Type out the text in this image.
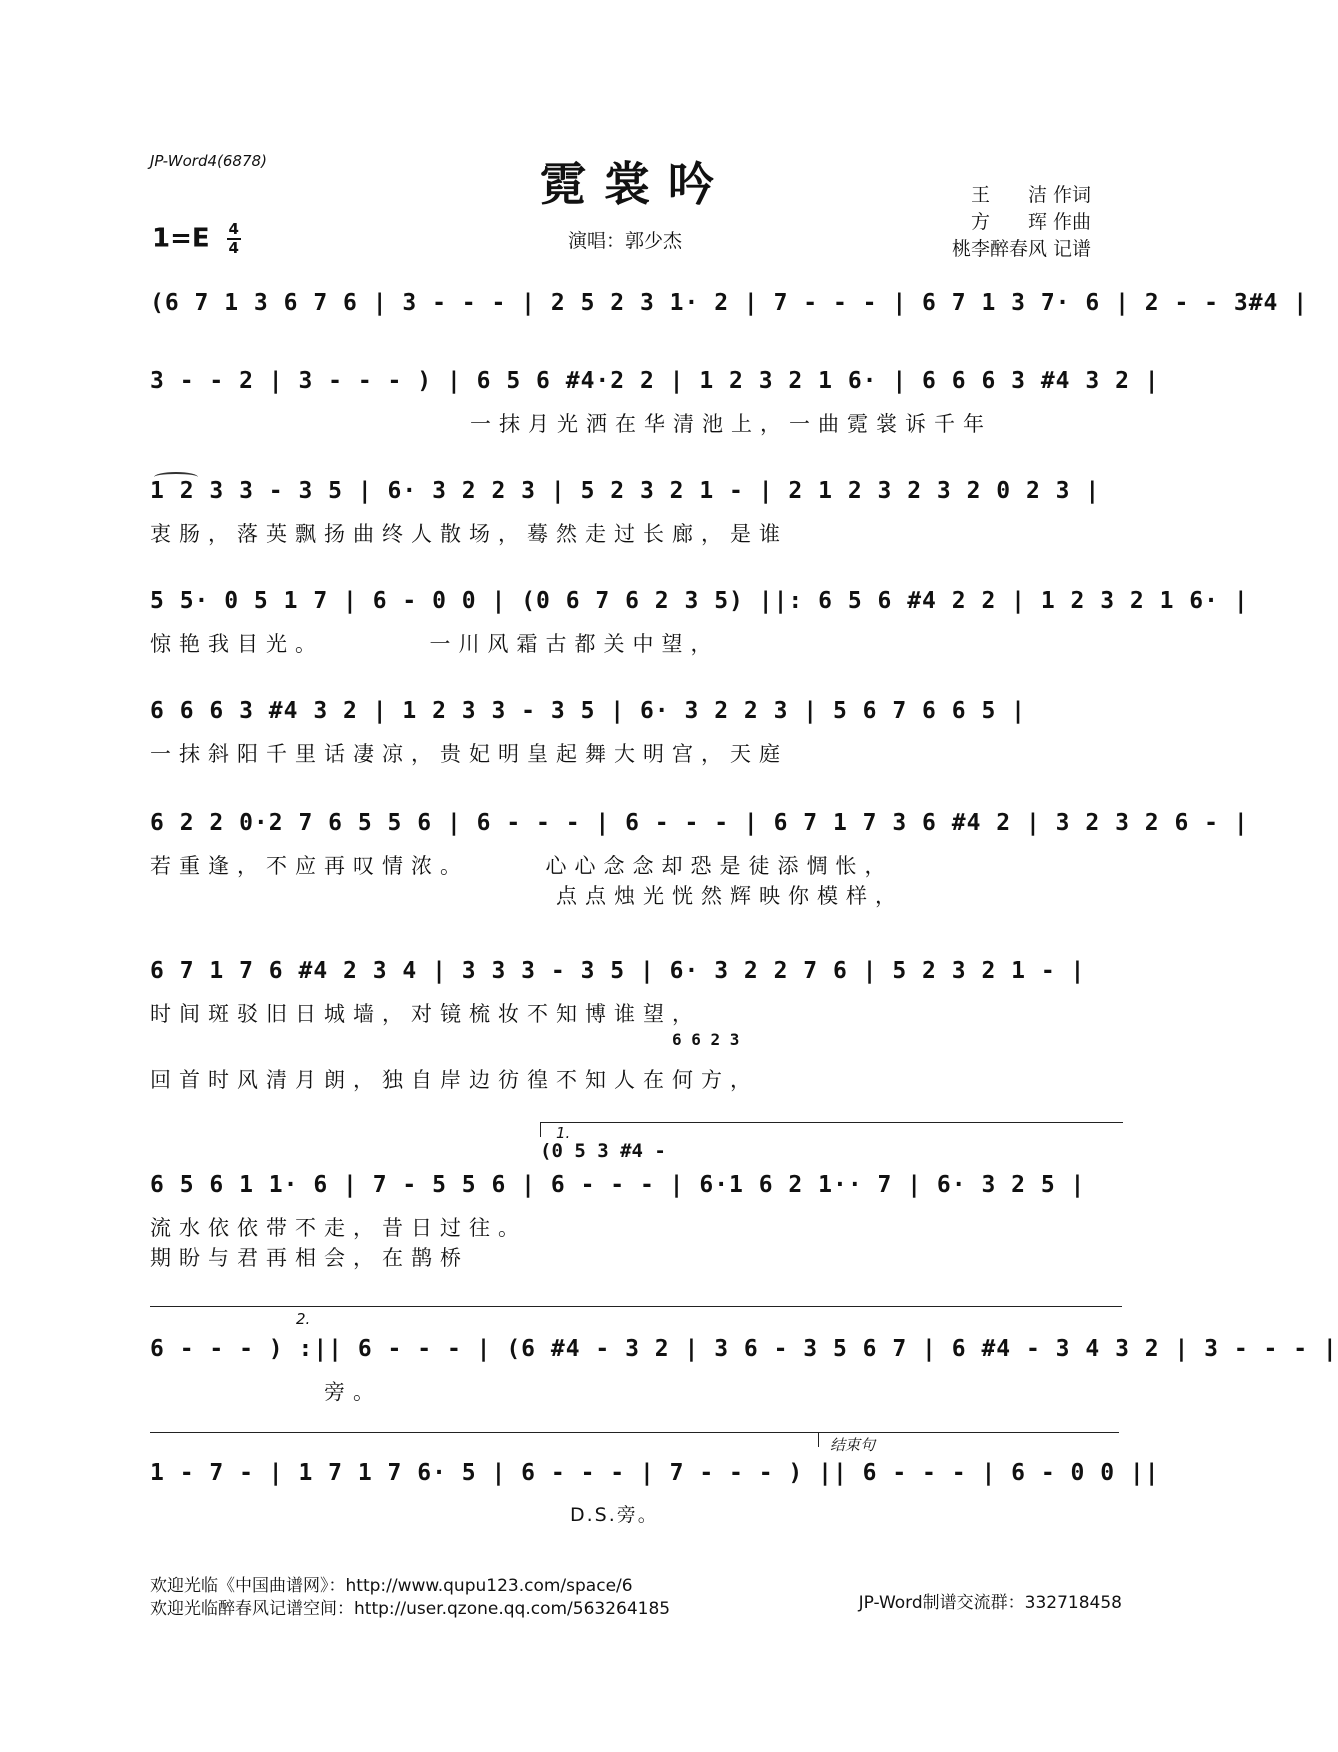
JP-Word4(6878)	霓裳吟
$1=E \frac{4}{4}$	演唱：郭少杰
王　　洁 作词
方　　珲 作曲
桃李醉春风 记谱
(6 7 1 3 6 7 6 | 3 - - - | 2 5 2 3 1· 2 | 7 - - - | 6 7 1 3 7· 6 | 2 - - 3#4 |
3 - - 2 | 3 - - - ) | 6 5 6 #4·2 2 | 1 2 3 2 1 6· | 6 6 6 3 #4 3 2 |
一抹月光洒在华清池上，一曲霓裳诉千年
1 2 3 3 - 3 5 | 6· 3 2 2 3 | 5 2 3 2 1 - | 2 1 2 3 2 3 2 0 2 3 |
衷肠，落英飘扬曲终人散场，蓦然走过长廊，是谁
5 5· 0 5 1 7 | 6 - 0 0 | (0 6 7 6 2 3 5) ||: 6 5 6 #4 2 2 | 1 2 3 2 1 6· |
惊艳我目光。　　　　一川风霜古都关中望，
6 6 6 3 #4 3 2 | 1 2 3 3 - 3 5 | 6· 3 2 2 3 | 5 6 7 6 6 5 |
一抹斜阳千里话凄凉，贵妃明皇起舞大明宫，天庭
6 2 2 0·2 7 6 5 5 6 | 6 - - - | 6 - - - | 6 7 1 7 3 6 #4 2 | 3 2 3 2 6 - |
若重逢，不应再叹情浓。　　　心心念念却恐是徒添惆怅，
　　　　　　　　　　　　　　点点烛光恍然辉映你模样，
6 7 1 7 6 #4 2 3 4 | 3 3 3 - 3 5 | 6· 3 2 2 7 6 | 5 2 3 2 1 - |
时间斑驳旧日城墙，对镜梳妆不知博谁望，
6 6 2 3
回首时风清月朗，独自岸边彷徨不知人在何方，
1.
(0 5 3 #4 -
6 5 6 1 1· 6 | 7 - 5 5 6 | 6 - - - | 6·1 6 2 1·· 7 | 6· 3 2 5 |
流水依依带不走，昔日过往。
期盼与君再相会，在鹊桥
2.
6 - - - ) :|| 6 - - - | (6 #4 - 3 2 | 3 6 - 3 5 6 7 | 6 #4 - 3 4 3 2 | 3 - - - |
　　　　　　旁。
结束句
1 - 7 - | 1 7 1 7 6· 5 | 6 - - - | 7 - - - ) || 6 - - - | 6 - 0 0 ||
　　　　　　　　　　　　　　　　　　　　D.S.旁。
欢迎光临《中国曲谱网》：http://www.qupu123.com/space/6
欢迎光临醉春风记谱空间：http://user.qzone.qq.com/563264185	JP-Word制谱交流群：332718458
